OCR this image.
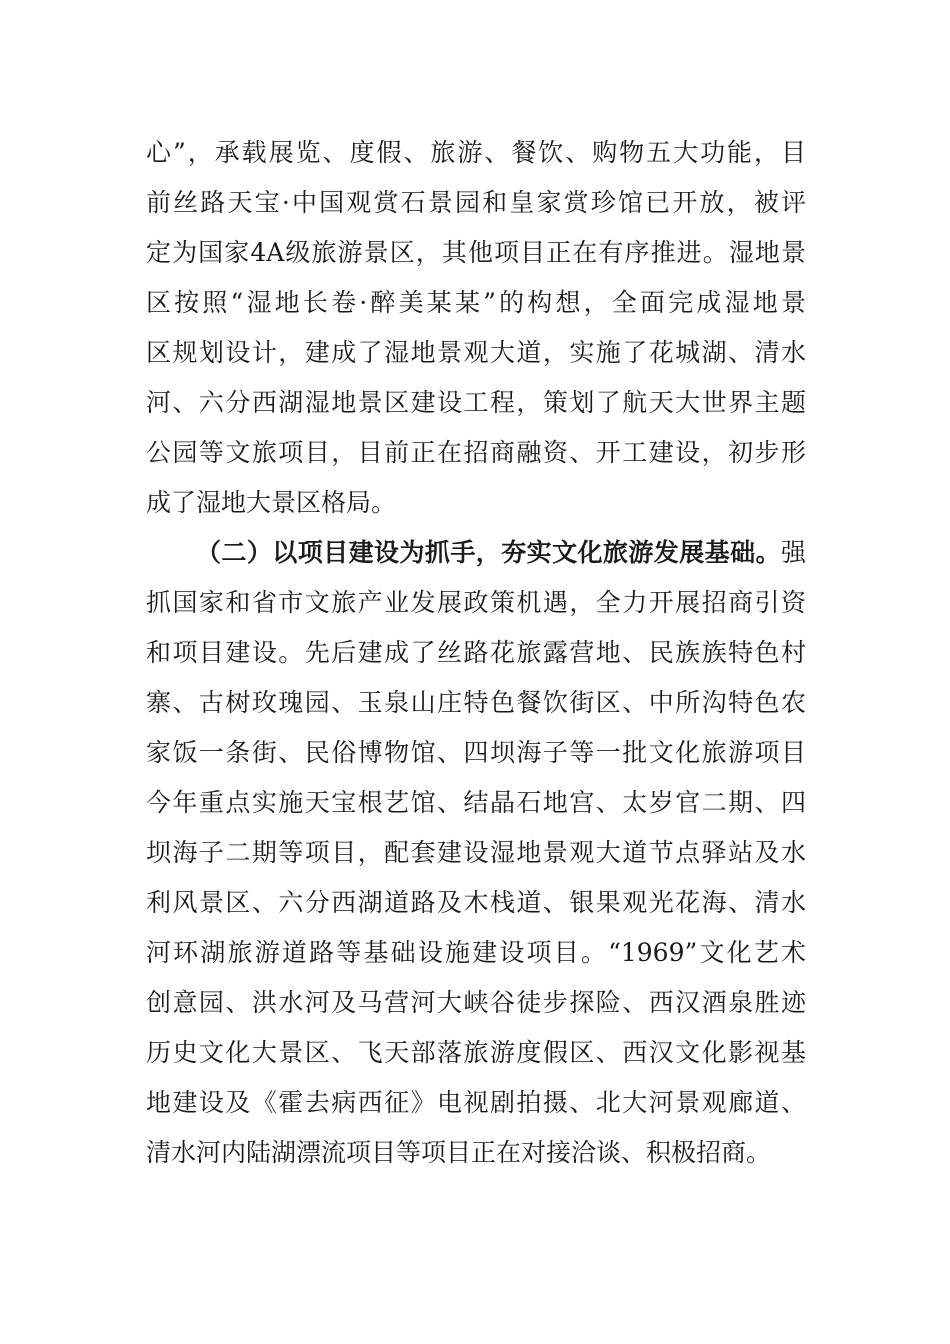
心”，承载展览、度假、旅游、餐饮、购物五大功能，目
前丝路天宝·中国观赏石景园和皇家赏珍馆已开放，被评
定为国家4A级旅游景区，其他项目正在有序推进。湿地景
区按照“湿地长卷·醉美某某”的构想，全面完成湿地景
区规划设计，建成了湿地景观大道，实施了花城湖、清水
河、六分西湖湿地景区建设工程，策划了航天大世界主题
公园等文旅项目，目前正在招商融资、开工建设，初步形
成了湿地大景区格局。
（二）以项目建设为抓手，夯实文化旅游发展基础。强
抓国家和省市文旅产业发展政策机遇，全力开展招商引资
和项目建设。先后建成了丝路花旅露营地、民族族特色村
寨、古树玫瑰园、玉泉山庄特色餐饮街区、中所沟特色农
家饭一条街、民俗博物馆、四坝海子等一批文化旅游项目
今年重点实施天宝根艺馆、结晶石地宫、太岁官二期、四
坝海子二期等项目，配套建设湿地景观大道节点驿站及水
利风景区、六分西湖道路及木栈道、银果观光花海、清水
河环湖旅游道路等基础设施建设项目。“1969”文化艺术
创意园、洪水河及马营河大峡谷徒步探险、西汉酒泉胜迹
历史文化大景区、飞天部落旅游度假区、西汉文化影视基
地建设及《霍去病西征》电视剧拍摄、北大河景观廊道、
清水河内陆湖漂流项目等项目正在对接洽谈、积极招商。
